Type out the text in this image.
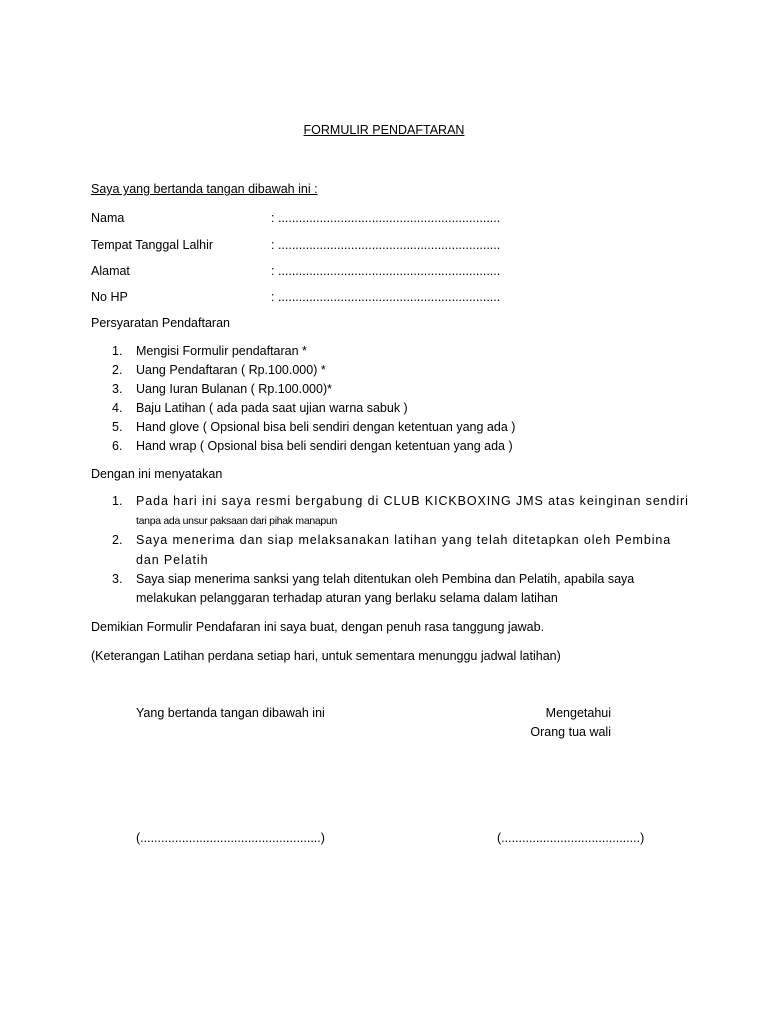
FORMULIR PENDAFTARAN
Saya yang bertanda tangan dibawah ini :
Nama	: ................................................................
Tempat Tanggal Lalhir	: ................................................................
Alamat	: ................................................................
No HP	: ................................................................
Persyaratan Pendaftaran
1. Mengisi Formulir pendaftaran *
2. Uang Pendaftaran ( Rp.100.000) *
3. Uang Iuran Bulanan ( Rp.100.000)*
4. Baju Latihan ( ada pada saat ujian warna sabuk )
5. Hand glove ( Opsional bisa beli sendiri dengan ketentuan yang ada )
6. Hand wrap ( Opsional bisa beli sendiri dengan ketentuan yang ada )
Dengan ini menyatakan
1. Pada hari ini saya resmi bergabung di CLUB KICKBOXING JMS atas keinginan sendiri
tanpa ada unsur paksaan dari pihak manapun
2. Saya menerima dan siap melaksanakan latihan yang telah ditetapkan oleh Pembina
dan Pelatih
3. Saya siap menerima sanksi yang telah ditentukan oleh Pembina dan Pelatih, apabila saya
melakukan pelanggaran terhadap aturan yang berlaku selama dalam latihan
Demikian Formulir Pendafaran ini saya buat, dengan penuh rasa tanggung jawab.
(Keterangan Latihan perdana setiap hari, untuk sementara menunggu jadwal latihan)
Yang bertanda tangan dibawah ini	Mengetahui
Orang tua wali
(....................................................)	(........................................)
